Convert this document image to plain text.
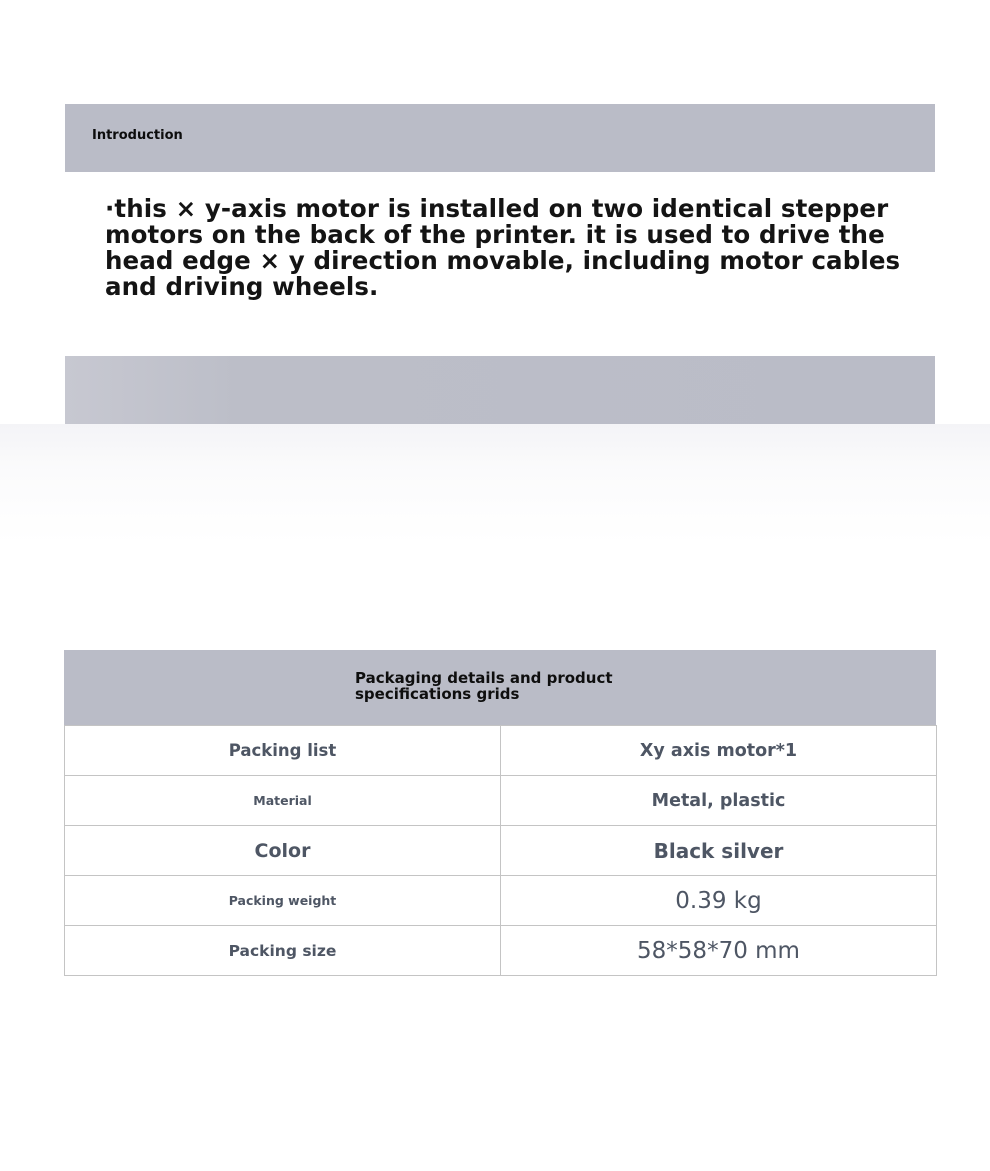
Introduction
·this × y-axis motor is installed on two identical stepper motors on the back of the printer. it is used to drive the head edge × y direction movable, including motor cables and driving wheels.
Packaging details and product specifications grids
Packing list	Xy axis motor*1
Material	Metal, plastic
Color	Black silver
Packing weight	0.39 kg
Packing size	58*58*70 mm
